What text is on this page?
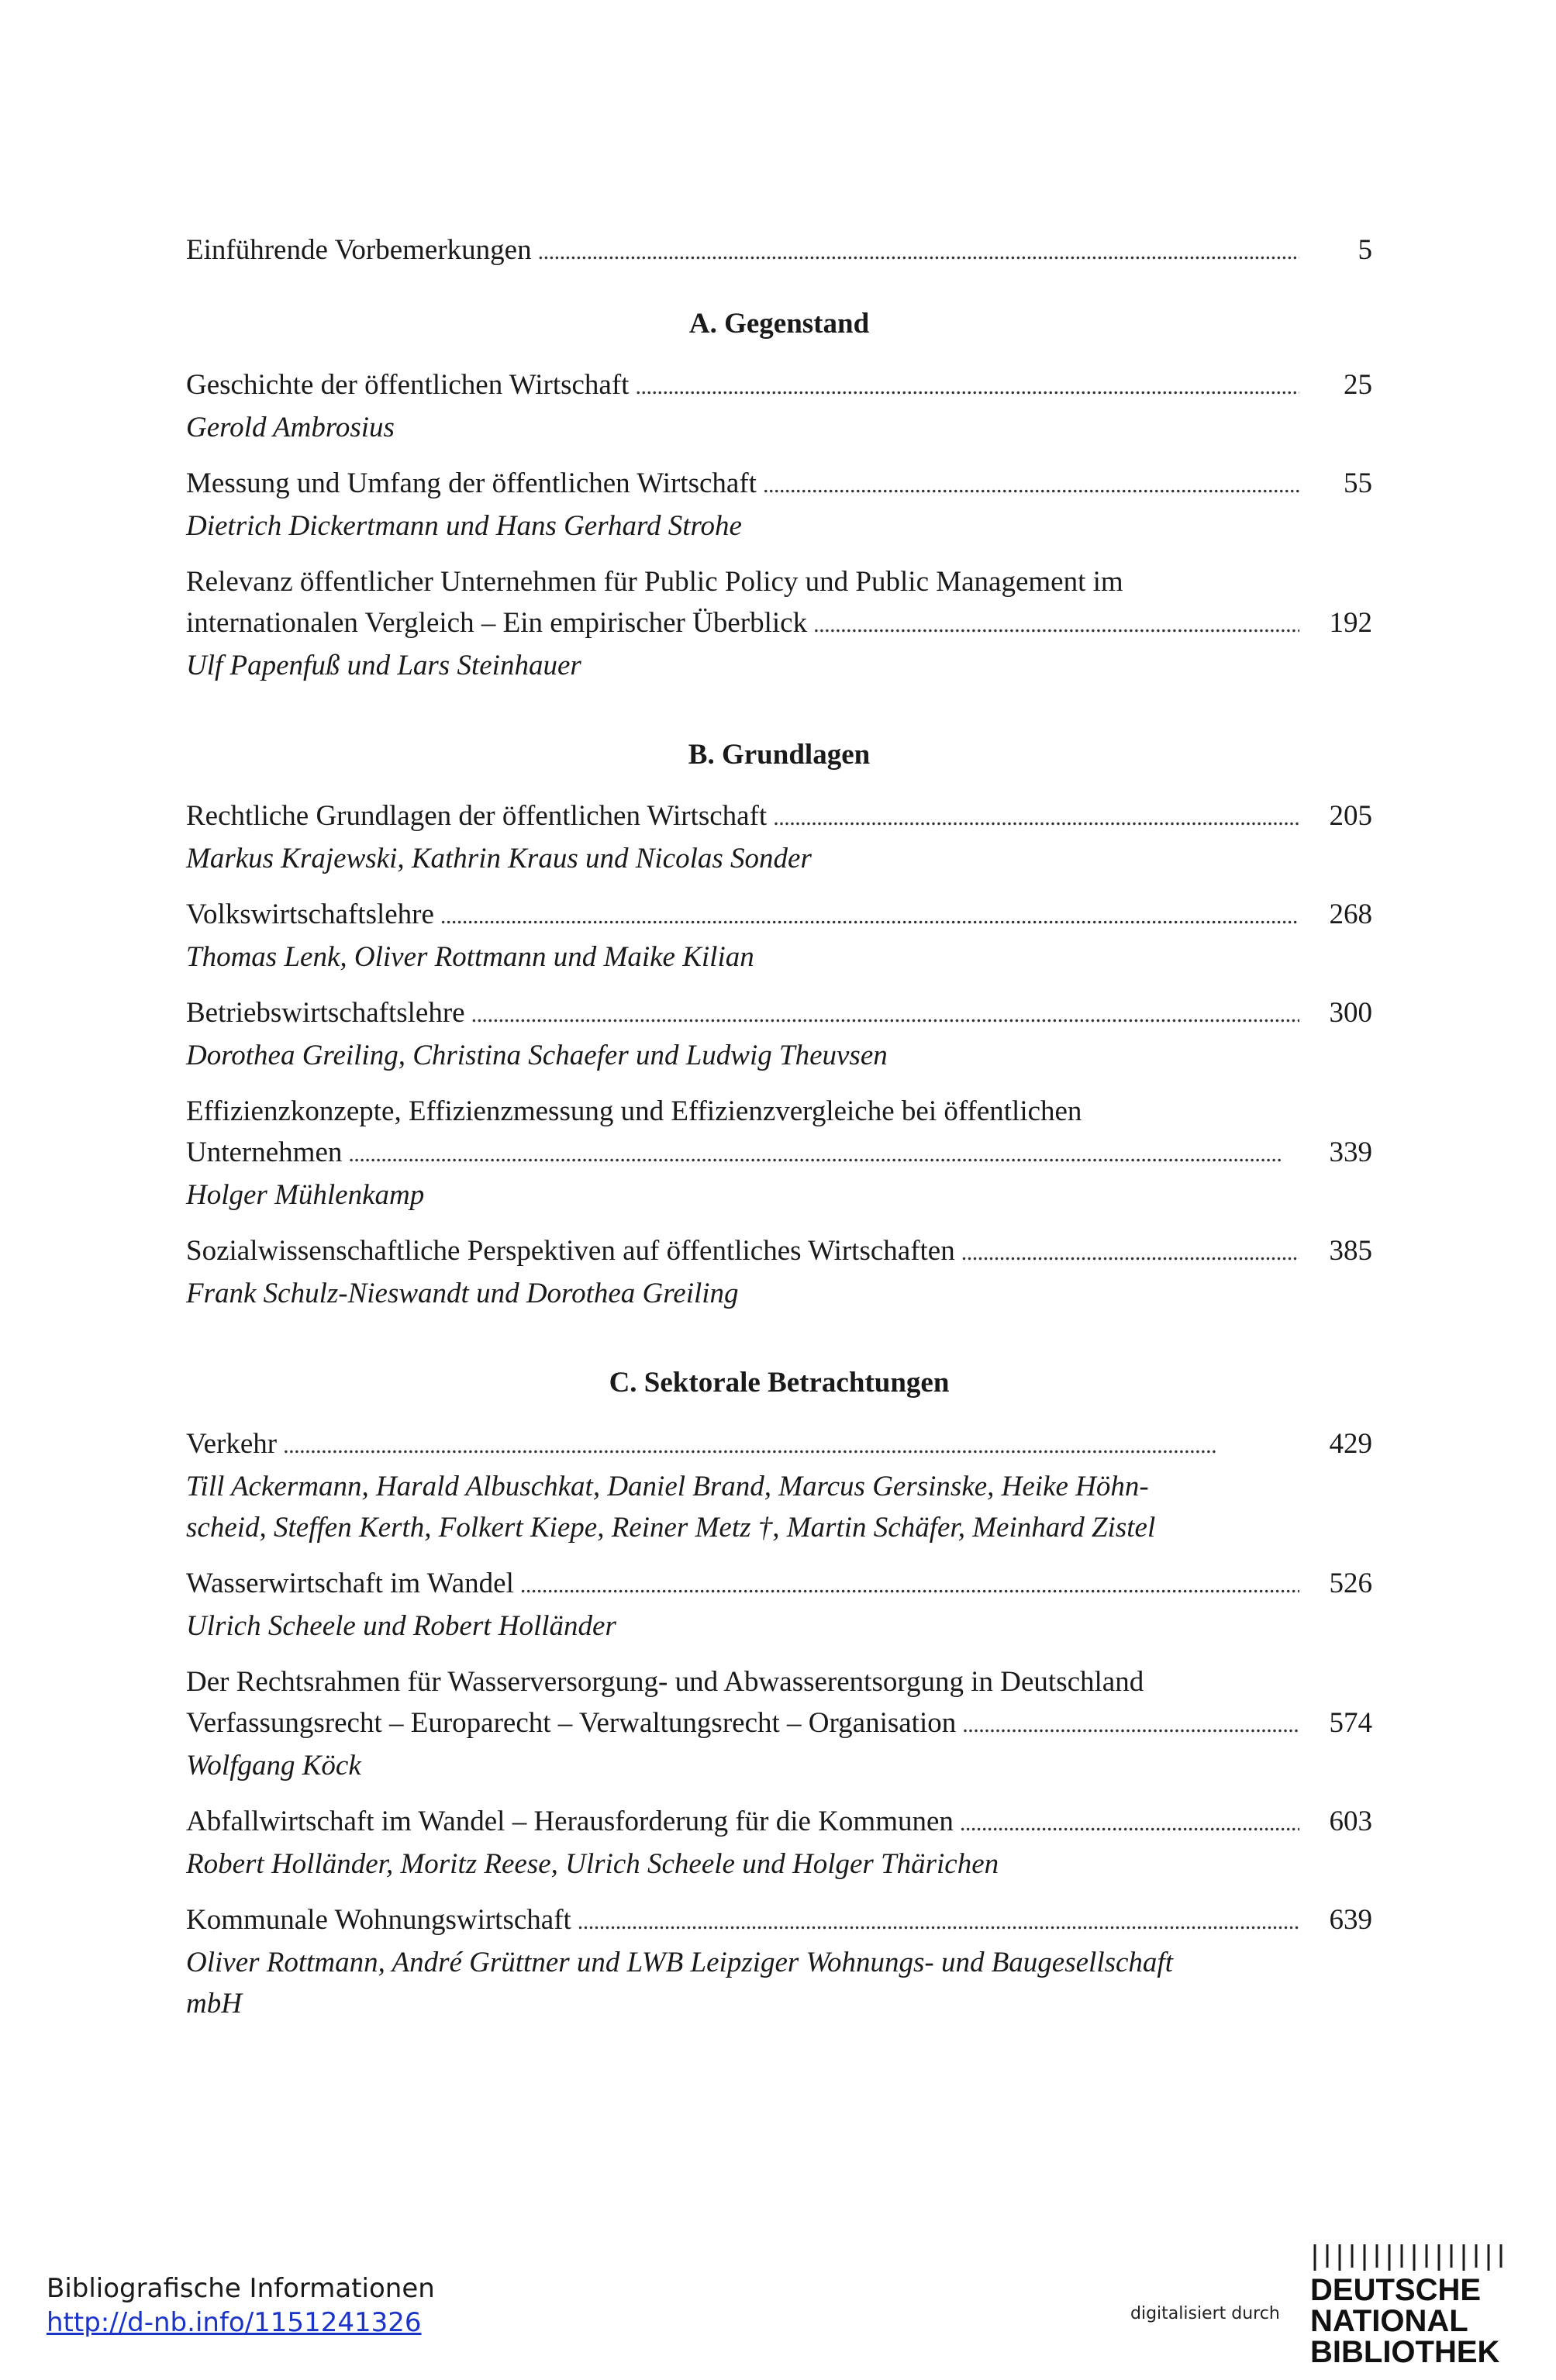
Einführende Vorbemerkungen . . .	5
A. Gegenstand
Geschichte der öffentlichen Wirtschaft . . .	25
Gerold Ambrosius
Messung und Umfang der öffentlichen Wirtschaft . . .	55
Dietrich Dickertmann und Hans Gerhard Strohe
Relevanz öffentlicher Unternehmen für Public Policy und Public Management im
internationalen Vergleich – Ein empirischer Überblick . . .	192
Ulf Papenfuß und Lars Steinhauer
B. Grundlagen
Rechtliche Grundlagen der öffentlichen Wirtschaft . . .	205
Markus Krajewski, Kathrin Kraus und Nicolas Sonder
Volkswirtschaftslehre . . .	268
Thomas Lenk, Oliver Rottmann und Maike Kilian
Betriebswirtschaftslehre . . .	300
Dorothea Greiling, Christina Schaefer und Ludwig Theuvsen
Effizienzkonzepte, Effizienzmessung und Effizienzvergleiche bei öffentlichen
Unternehmen . . .	339
Holger Mühlenkamp
Sozialwissenschaftliche Perspektiven auf öffentliches Wirtschaften . . .	385
Frank Schulz-Nieswandt und Dorothea Greiling
C. Sektorale Betrachtungen
Verkehr . . .	429
Till Ackermann, Harald Albuschkat, Daniel Brand, Marcus Gersinske, Heike Höhn-
scheid, Steffen Kerth, Folkert Kiepe, Reiner Metz †, Martin Schäfer, Meinhard Zistel
Wasserwirtschaft im Wandel . . .	526
Ulrich Scheele und Robert Holländer
Der Rechtsrahmen für Wasserversorgung- und Abwasserentsorgung in Deutschland
Verfassungsrecht – Europarecht – Verwaltungsrecht – Organisation . . .	574
Wolfgang Köck
Abfallwirtschaft im Wandel – Herausforderung für die Kommunen . . .	603
Robert Holländer, Moritz Reese, Ulrich Scheele und Holger Thärichen
Kommunale Wohnungswirtschaft . . .	639
Oliver Rottmann, André Grüttner und LWB Leipziger Wohnungs- und Baugesellschaft
mbH
Bibliografische Informationen
http://d-nb.info/1151241326	digitalisiert durch
DEUTSCHE
NATIONAL
BIBLIOTHEK
